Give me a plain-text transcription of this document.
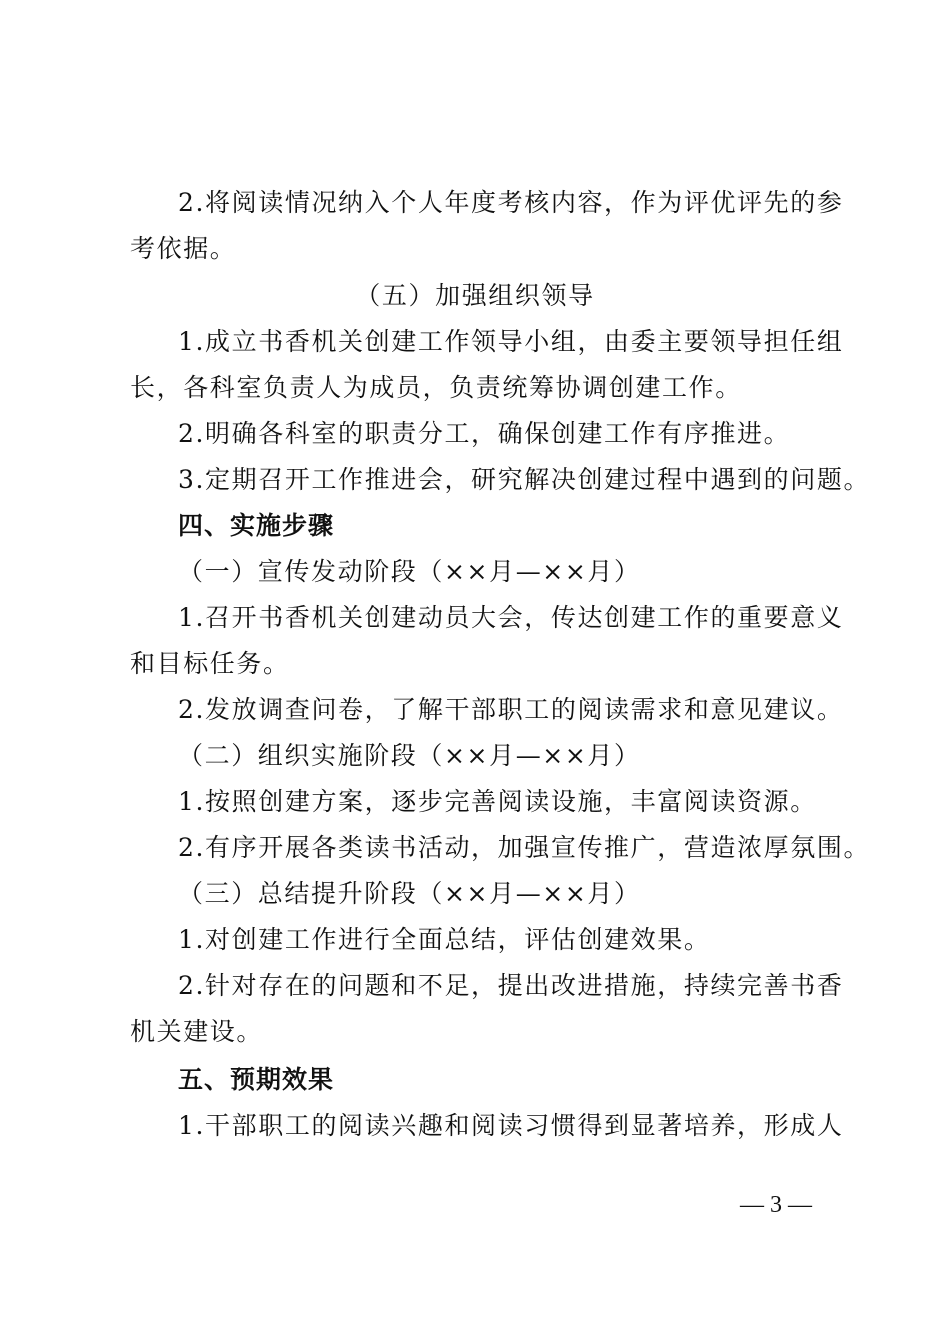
2.将阅读情况纳入个人年度考核内容，作为评优评先的参
考依据。
（五）加强组织领导
1.成立书香机关创建工作领导小组，由委主要领导担任组
长，各科室负责人为成员，负责统筹协调创建工作。
2.明确各科室的职责分工，确保创建工作有序推进。
3.定期召开工作推进会，研究解决创建过程中遇到的问题。
四、实施步骤
（一）宣传发动阶段（××月—××月）
1.召开书香机关创建动员大会，传达创建工作的重要意义
和目标任务。
2.发放调查问卷，了解干部职工的阅读需求和意见建议。
（二）组织实施阶段（××月—××月）
1.按照创建方案，逐步完善阅读设施，丰富阅读资源。
2.有序开展各类读书活动，加强宣传推广，营造浓厚氛围。
（三）总结提升阶段（××月—××月）
1.对创建工作进行全面总结，评估创建效果。
2.针对存在的问题和不足，提出改进措施，持续完善书香
机关建设。
五、预期效果
1.干部职工的阅读兴趣和阅读习惯得到显著培养，形成人
— 3 —
